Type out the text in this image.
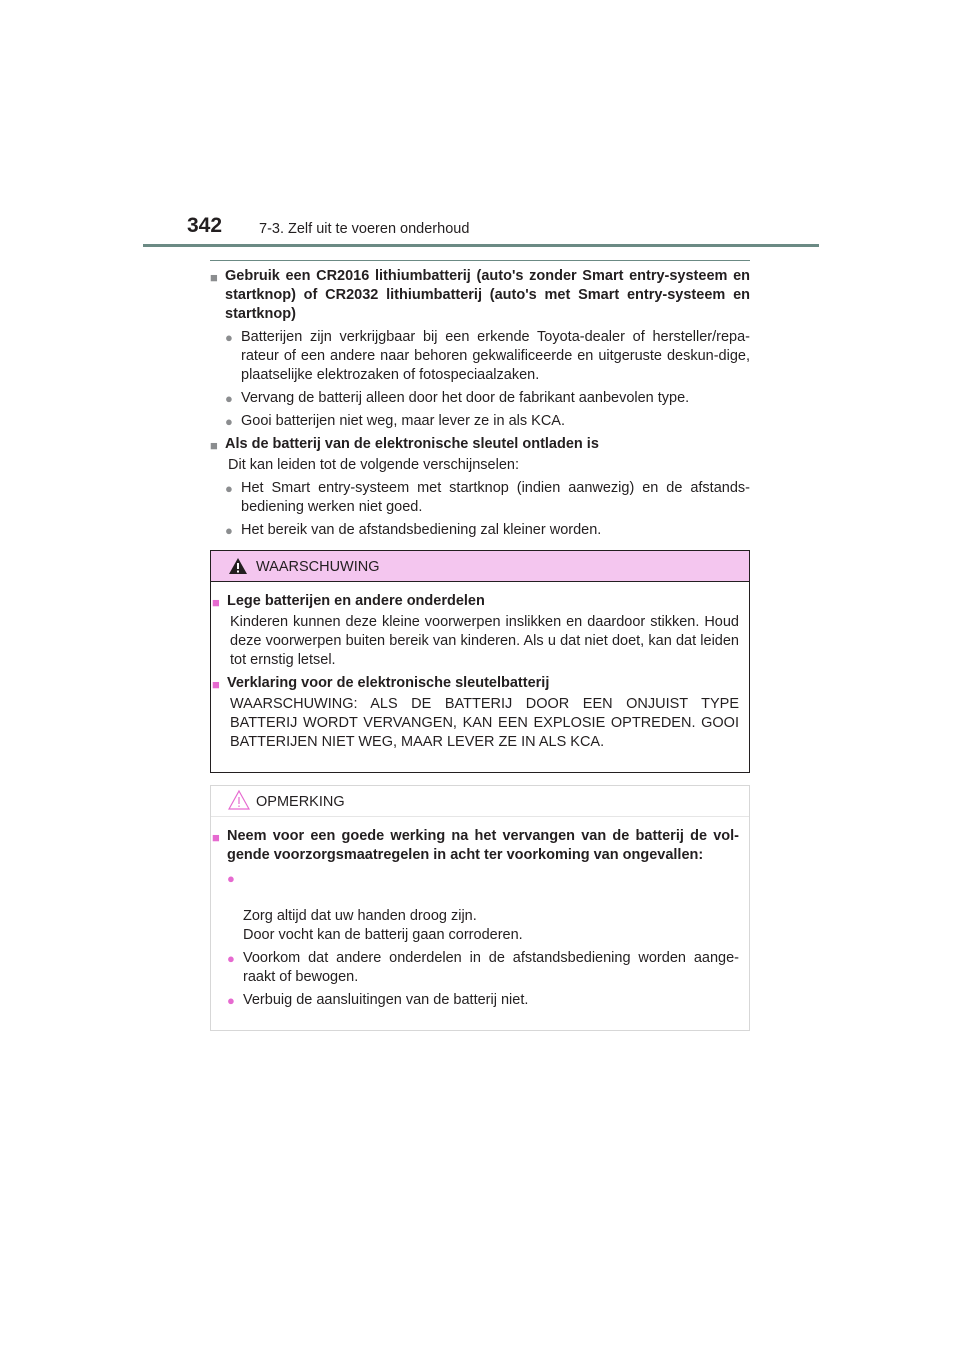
342	7-3. Zelf uit te voeren onderhoud
■ Gebruik een CR2016 lithiumbatterij (auto's zonder Smart entry-systeem en startknop) of CR2032 lithiumbatterij (auto's met Smart entry-systeem en startknop)
● Batterijen zijn verkrijgbaar bij een erkende Toyota-dealer of hersteller/repa-rateur of een andere naar behoren gekwalificeerde en uitgeruste deskun-dige, plaatselijke elektrozaken of fotospeciaalzaken.
● Vervang de batterij alleen door het door de fabrikant aanbevolen type.
● Gooi batterijen niet weg, maar lever ze in als KCA.
■ Als de batterij van de elektronische sleutel ontladen is
Dit kan leiden tot de volgende verschijnselen:
● Het Smart entry-systeem met startknop (indien aanwezig) en de afstands-bediening werken niet goed.
● Het bereik van de afstandsbediening zal kleiner worden.
WAARSCHUWING
■ Lege batterijen en andere onderdelen
Kinderen kunnen deze kleine voorwerpen inslikken en daardoor stikken. Houd deze voorwerpen buiten bereik van kinderen. Als u dat niet doet, kan dat leiden tot ernstig letsel.
■ Verklaring voor de elektronische sleutelbatterij
WAARSCHUWING: ALS DE BATTERIJ DOOR EEN ONJUIST TYPE BATTERIJ WORDT VERVANGEN, KAN EEN EXPLOSIE OPTREDEN. GOOI BATTERIJEN NIET WEG, MAAR LEVER ZE IN ALS KCA.
OPMERKING
■ Neem voor een goede werking na het vervangen van de batterij de vol-gende voorzorgsmaatregelen in acht ter voorkoming van ongevallen:

●

Zorg altijd dat uw handen droog zijn.
Door vocht kan de batterij gaan corroderen.

● Voorkom dat andere onderdelen in de afstandsbediening worden aange-raakt of bewogen.
● Verbuig de aansluitingen van de batterij niet.
